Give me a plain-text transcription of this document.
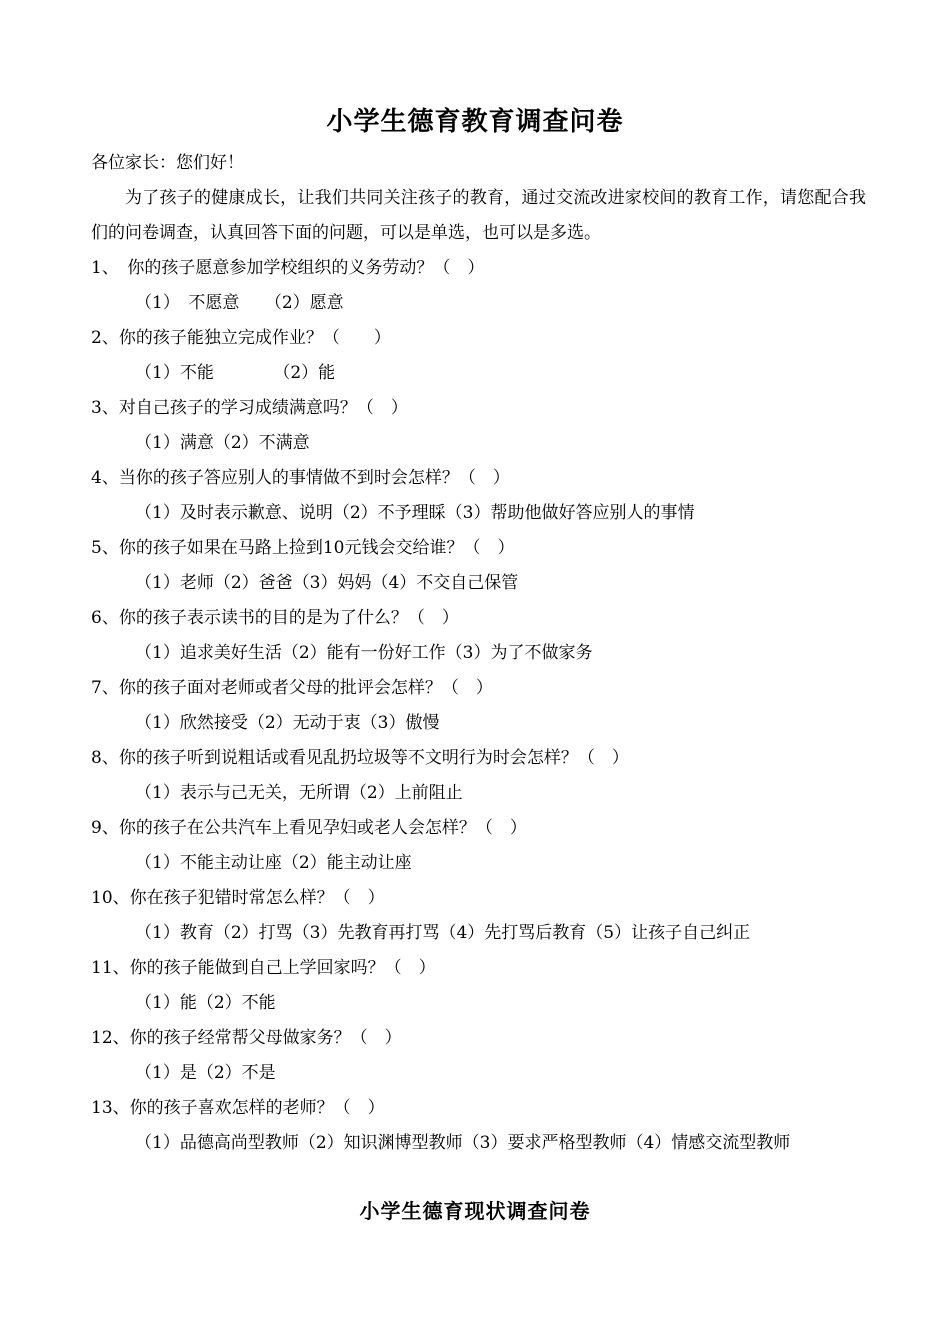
小学生德育教育调查问卷
各位家长：您们好！
为了孩子的健康成长，让我们共同关注孩子的教育，通过交流改进家校间的教育工作，请您配合我们的问卷调查，认真回答下面的问题，可以是单选，也可以是多选。
1、　你的孩子愿意参加学校组织的义务劳动？（　）
（1）　不愿意　　（2）愿意
2、你的孩子能独立完成作业？（　　）
（1）不能　　　　（2）能
3、对自己孩子的学习成绩满意吗？（　）
（1）满意（2）不满意
4、当你的孩子答应别人的事情做不到时会怎样？（　）
（1）及时表示歉意、说明（2）不予理睬（3）帮助他做好答应别人的事情
5、你的孩子如果在马路上捡到10元钱会交给谁？（　）
（1）老师（2）爸爸（3）妈妈（4）不交自己保管
6、你的孩子表示读书的目的是为了什么？（　）
（1）追求美好生活（2）能有一份好工作（3）为了不做家务
7、你的孩子面对老师或者父母的批评会怎样？（　）
（1）欣然接受（2）无动于衷（3）傲慢
8、你的孩子听到说粗话或看见乱扔垃圾等不文明行为时会怎样？（　）
（1）表示与己无关，无所谓（2）上前阻止
9、你的孩子在公共汽车上看见孕妇或老人会怎样？（　）
（1）不能主动让座（2）能主动让座
10、你在孩子犯错时常怎么样？（　）
（1）教育（2）打骂（3）先教育再打骂（4）先打骂后教育（5）让孩子自己纠正
11、你的孩子能做到自己上学回家吗？（　）
（1）能（2）不能
12、你的孩子经常帮父母做家务？（　）
（1）是（2）不是
13、你的孩子喜欢怎样的老师？（　）
（1）品德高尚型教师（2）知识渊博型教师（3）要求严格型教师（4）情感交流型教师
小学生德育现状调查问卷
